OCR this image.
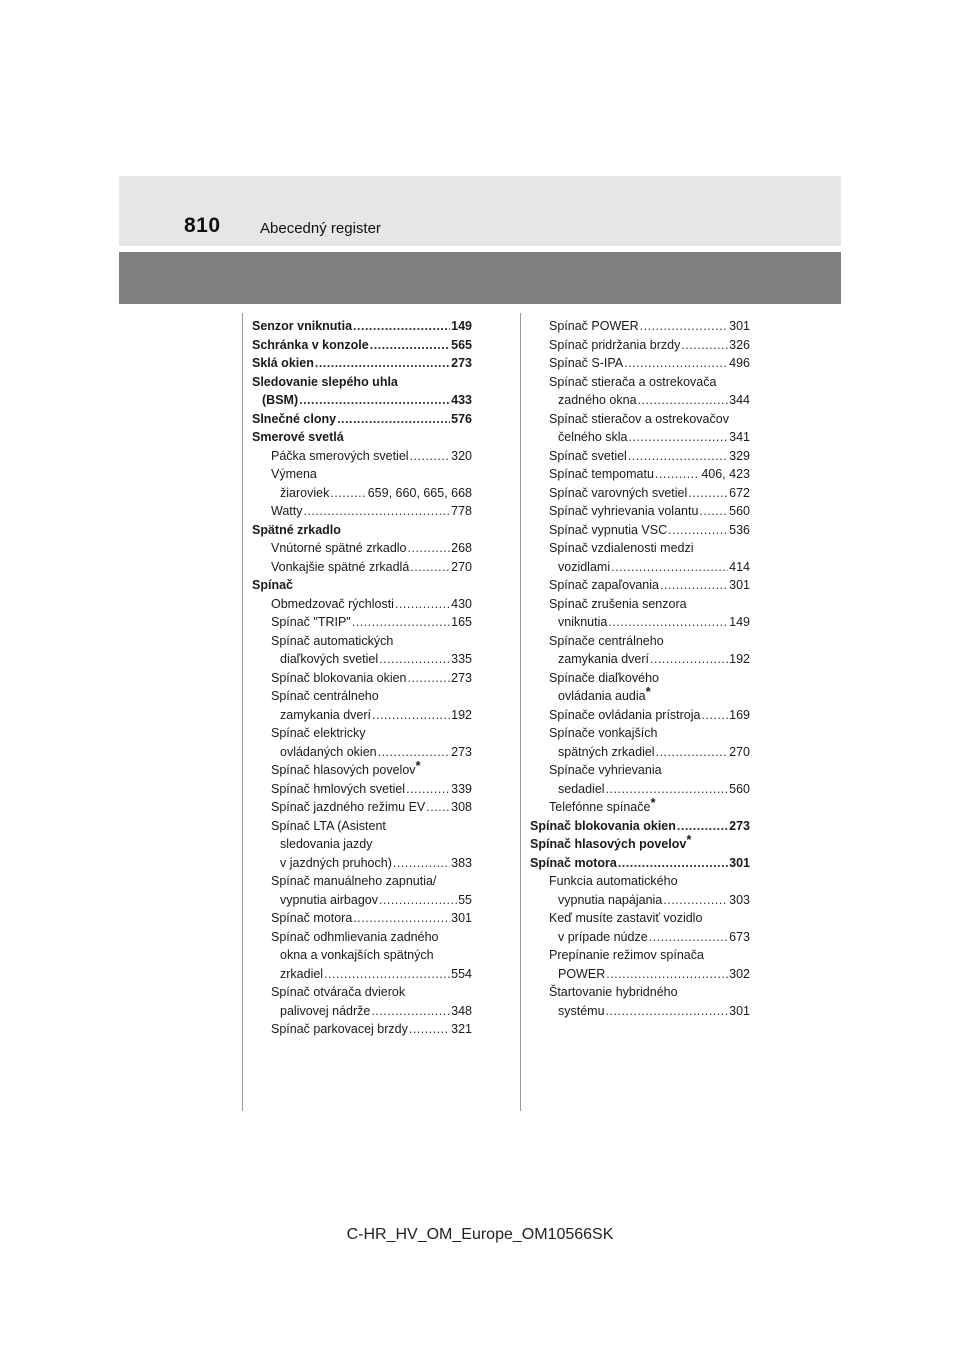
810	Abecedný register
Senzor vniknutia .....	149
Schránka v konzole .....	565
Sklá okien .....	273
Sledovanie slepého uhla
(BSM) .....	433
Slnečné clony .....	576
Smerové svetlá
Páčka smerových svetiel .....	320
Výmena
žiaroviek .....	659, 660, 665, 668
Watty .....	778
Spätné zrkadlo
Vnútorné spätné zrkadlo .....	268
Vonkajšie spätné zrkadlá .....	270
Spínač
Obmedzovač rýchlosti .....	430
Spínač "TRIP" .....	165
Spínač automatických
diaľkových svetiel .....	335
Spínač blokovania okien .....	273
Spínač centrálneho
zamykania dverí .....	192
Spínač elektricky
ovládaných okien .....	273
Spínač hlasových povelov*
Spínač hmlových svetiel .....	339
Spínač jazdného režimu EV ..... 308
Spínač LTA (Asistent
sledovania jazdy
v jazdných pruhoch) .....	383
Spínač manuálneho zapnutia/
vypnutia airbagov .....	55
Spínač motora .....	301
Spínač odhmlievania zadného
okna a vonkajších spätných
zrkadiel .....	554
Spínač otvárača dvierok
palivovej nádrže .....	348
Spínač parkovacej brzdy .....	321
Spínač POWER .....	301
Spínač pridržania brzdy .....	326
Spínač S-IPA .....	496
Spínač stierača a ostrekovača
zadného okna .....	344
Spínač stieračov a ostrekovačov
čelného skla .....	341
Spínač svetiel .....	329
Spínač tempomatu .....	406, 423
Spínač varovných svetiel .....	672
Spínač vyhrievania volantu ..... 560
Spínač vypnutia VSC .....	536
Spínač vzdialenosti medzi
vozidlami .....	414
Spínač zapaľovania .....	301
Spínač zrušenia senzora
vniknutia .....	149
Spínače centrálneho
zamykania dverí .....	192
Spínače diaľkového
ovládania audia*
Spínače ovládania prístroja ..... 169
Spínače vonkajších
spätných zrkadiel .....	270
Spínače vyhrievania
sedadiel .....	560
Telefónne spínače*
Spínač blokovania okien .....	273
Spínač hlasových povelov*
Spínač motora .....	301
Funkcia automatického
vypnutia napájania .....	303
Keď musíte zastaviť vozidlo
v prípade núdze .....	673
Prepínanie režimov spínača
POWER .....	302
Štartovanie hybridného
systému .....	301
C-HR_HV_OM_Europe_OM10566SK
